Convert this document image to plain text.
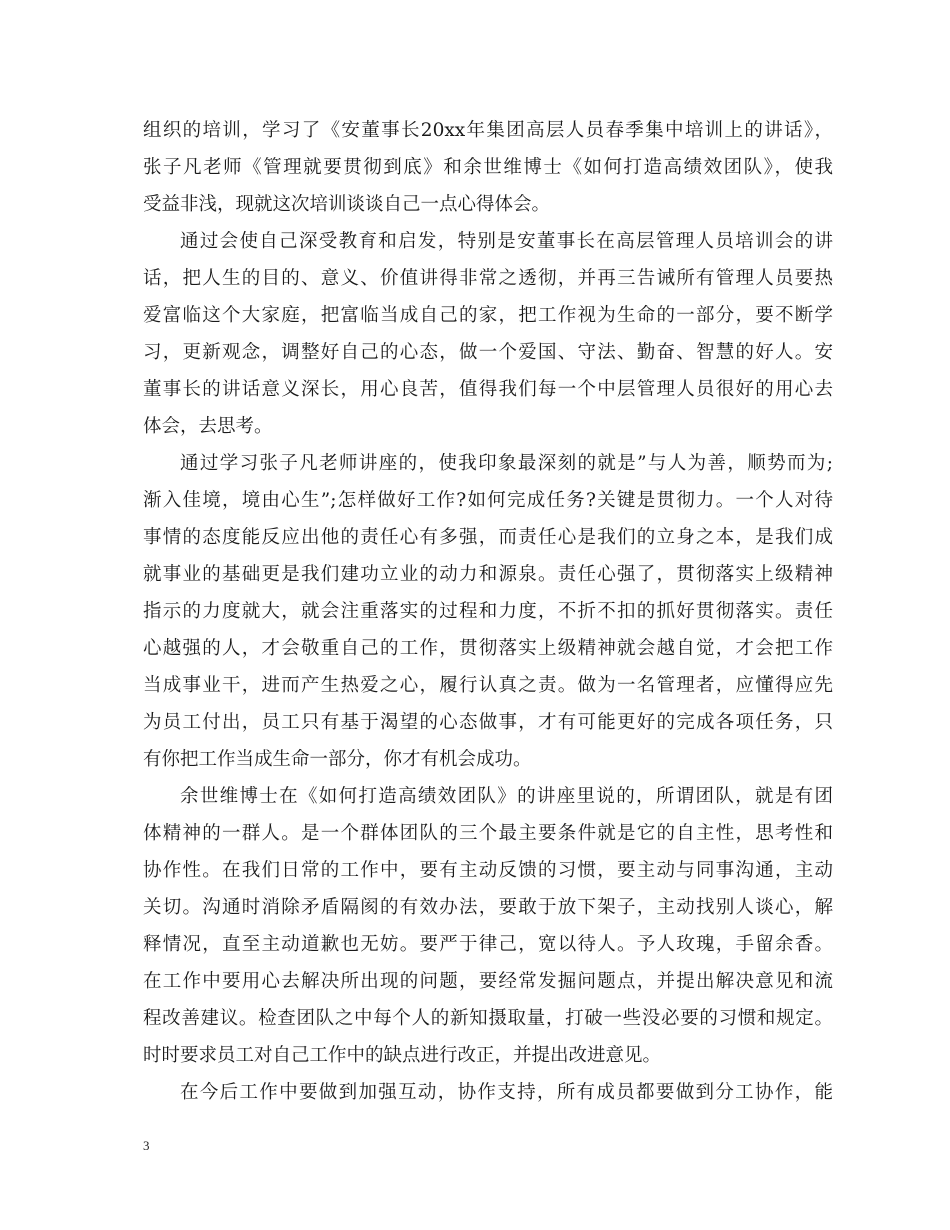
组织的培训，学习了《安董事长20xx年集团高层人员春季集中培训上的讲话》，
张子凡老师《管理就要贯彻到底》和余世维博士《如何打造高绩效团队》，使我
受益非浅，现就这次培训谈谈自己一点心得体会。
通过会使自己深受教育和启发，特别是安董事长在高层管理人员培训会的讲
话，把人生的目的、意义、价值讲得非常之透彻，并再三告诫所有管理人员要热
爱富临这个大家庭，把富临当成自己的家，把工作视为生命的一部分，要不断学
习，更新观念，调整好自己的心态，做一个爱国、守法、勤奋、智慧的好人。安
董事长的讲话意义深长，用心良苦，值得我们每一个中层管理人员很好的用心去
体会，去思考。
通过学习张子凡老师讲座的，使我印象最深刻的就是”与人为善，顺势而为;
渐入佳境，境由心生”;怎样做好工作?如何完成任务?关键是贯彻力。一个人对待
事情的态度能反应出他的责任心有多强，而责任心是我们的立身之本，是我们成
就事业的基础更是我们建功立业的动力和源泉。责任心强了，贯彻落实上级精神
指示的力度就大，就会注重落实的过程和力度，不折不扣的抓好贯彻落实。责任
心越强的人，才会敬重自己的工作，贯彻落实上级精神就会越自觉，才会把工作
当成事业干，进而产生热爱之心，履行认真之责。做为一名管理者，应懂得应先
为员工付出，员工只有基于渴望的心态做事，才有可能更好的完成各项任务，只
有你把工作当成生命一部分，你才有机会成功。
余世维博士在《如何打造高绩效团队》的讲座里说的，所谓团队，就是有团
体精神的一群人。是一个群体团队的三个最主要条件就是它的自主性，思考性和
协作性。在我们日常的工作中，要有主动反馈的习惯，要主动与同事沟通，主动
关切。沟通时消除矛盾隔阂的有效办法，要敢于放下架子，主动找别人谈心，解
释情况，直至主动道歉也无妨。要严于律己，宽以待人。予人玫瑰，手留余香。
在工作中要用心去解决所出现的问题，要经常发掘问题点，并提出解决意见和流
程改善建议。检查团队之中每个人的新知摄取量，打破一些没必要的习惯和规定。
时时要求员工对自己工作中的缺点进行改正，并提出改进意见。
在今后工作中要做到加强互动，协作支持，所有成员都要做到分工协作，能
3
